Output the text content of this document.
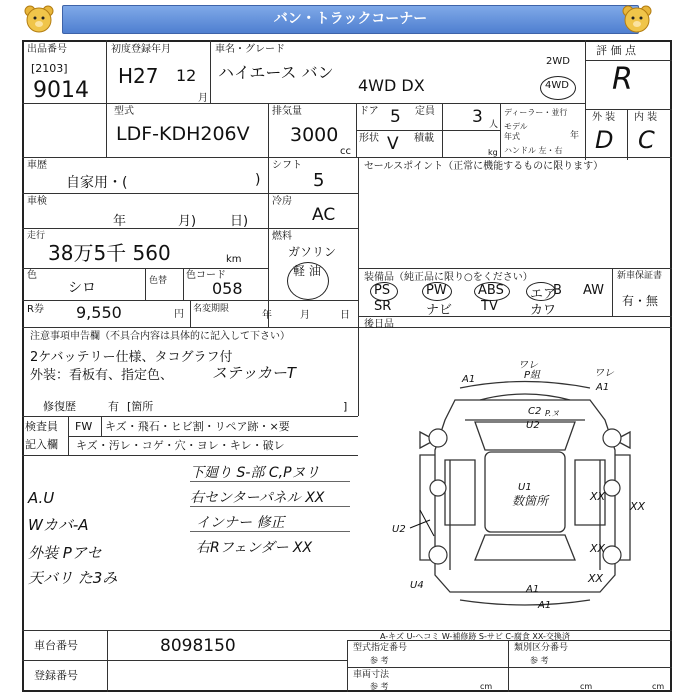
バン・トラックコーナー
出品番号
[2103]
9014
初度登録年月
H27 12
月
車名・グレード
ハイエース バン
4WD DX
2WD
4WD
評 価 点
R
外 装 内 装
D C
型式
LDF-KDH206V
排気量
3000
cc
ドア 5 定員 3 人
形状 V 積載
kg
ディーラー・並行
モデル
年式	年
ハンドル 左・右
車歴
自家用・(	)
シフト
5
車検
年	月)	日)
冷房
AC
走行
38万5千 560	km
燃料
ガソリン
軽 油
色
シロ	色替 色コード
058
R券 9,550	円 名変期限
年	月	日
セールスポイント（正常に機能するものに限ります）
装備品（純正品に限り○をください）
PS	PW ABS エア
B AW
SR	ナビ TV カワ
新車保証書
有・無
後日品
注意事項申告欄（不具合内容は具体的に記入して下さい）
2ケバッテリー仕様、タコグラフ付
外装：看板有、指定色、	ステッカーT
修復歴	有 [箇所	]
検査員
記入欄
FW キズ・飛石・ヒビ割・リペア跡・×要
キズ・汚レ・コゲ・穴・ヨレ・キレ・破レ
A.U
Wカバ-A
外装 Pアセ
天バリ た3み
下廻り S-部 C,Pヌリ
右センターパネル XX
インナー 修正
右Rフェンダー XX
A1
ワレ
P組	ワレ
A1
C2 P.ヌ
U2
U1
数箇所	XX
XX
U2
XX
XX
U4	A1
A1
車台番号	8098150
登録番号
A-キズ U-ヘコミ W-補修跡 S-サビ C-腐食 XX-交換済
型式指定番号
参 考
類別区分番号
参 考
車両寸法
参 考	cm	cm	cm
